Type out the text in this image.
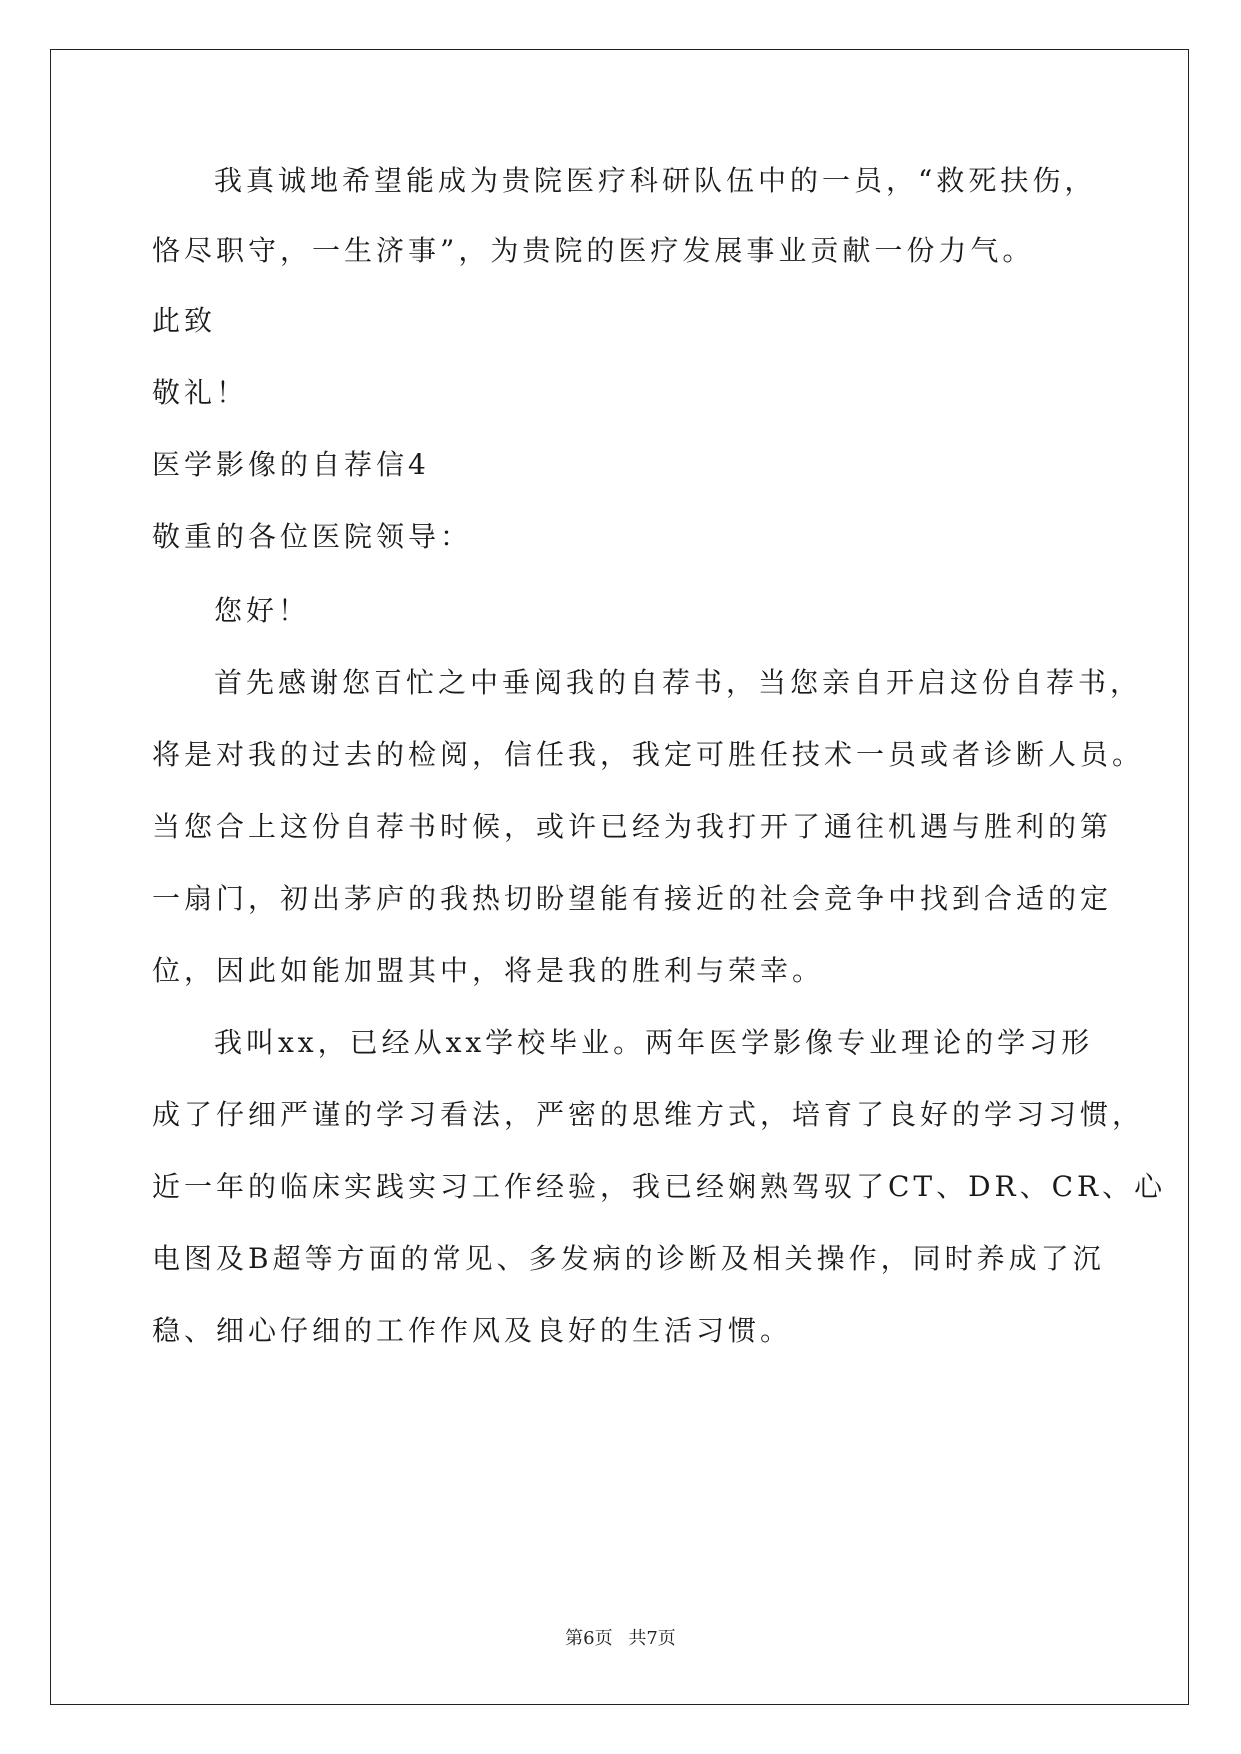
我真诚地希望能成为贵院医疗科研队伍中的一员，“救死扶伤，
恪尽职守，一生济事”，为贵院的医疗发展事业贡献一份力气。
此致
敬礼！
医学影像的自荐信4
敬重的各位医院领导：
您好！
首先感谢您百忙之中垂阅我的自荐书，当您亲自开启这份自荐书，
将是对我的过去的检阅，信任我，我定可胜任技术一员或者诊断人员。
当您合上这份自荐书时候，或许已经为我打开了通往机遇与胜利的第
一扇门，初出茅庐的我热切盼望能有接近的社会竞争中找到合适的定
位，因此如能加盟其中，将是我的胜利与荣幸。
我叫xx，已经从xx学校毕业。两年医学影像专业理论的学习形
成了仔细严谨的学习看法，严密的思维方式，培育了良好的学习习惯，
近一年的临床实践实习工作经验，我已经娴熟驾驭了CT、DR、CR、心
电图及B超等方面的常见、多发病的诊断及相关操作，同时养成了沉
稳、细心仔细的工作作风及良好的生活习惯。
第6页 共7页
